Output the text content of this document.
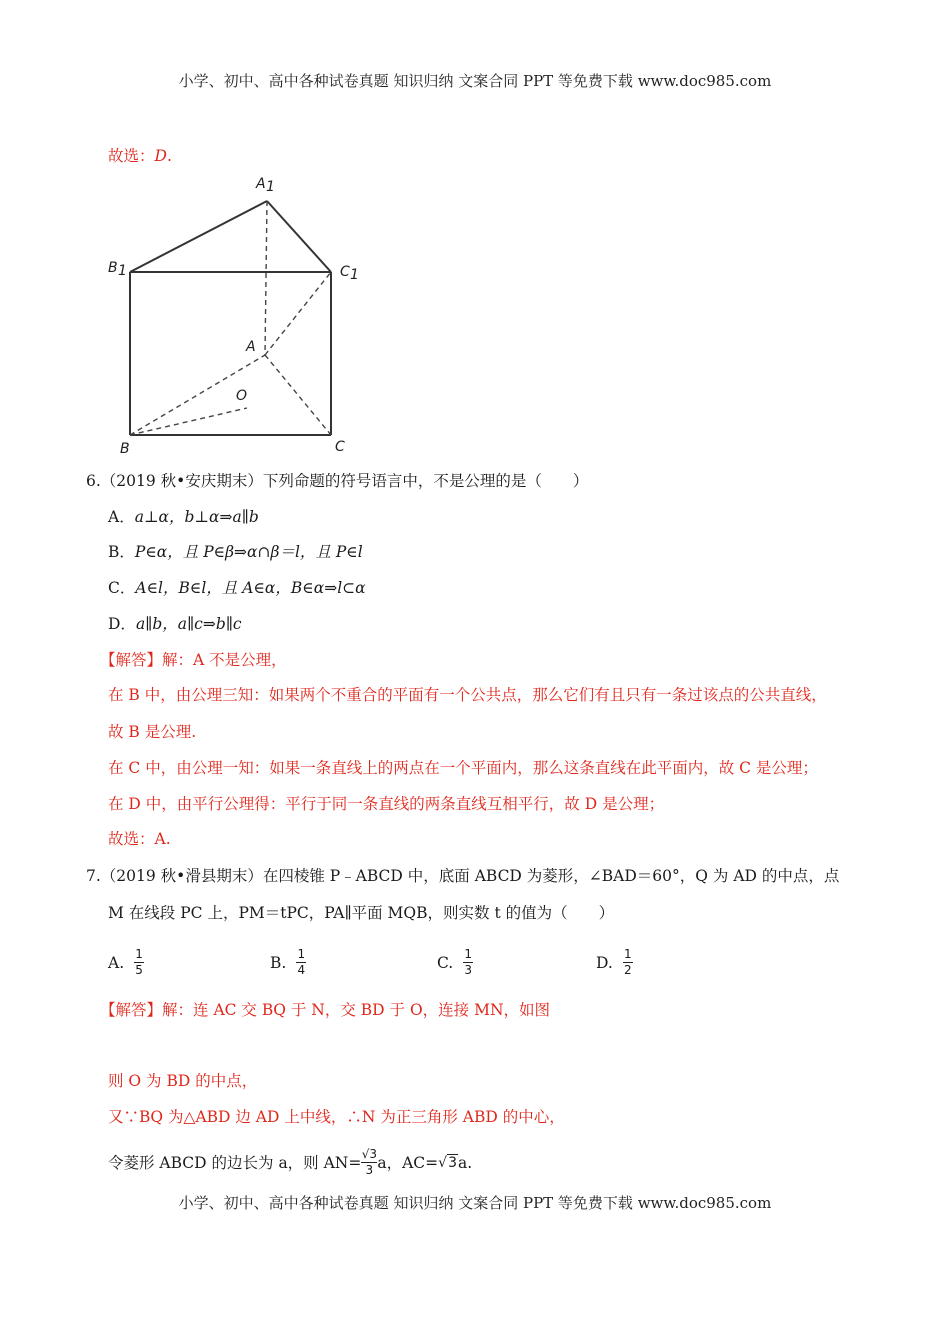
小学、初中、高中各种试卷真题 知识归纳 文案合同 PPT 等免费下载 www.doc985.com
故选：D.
A 1
B 1	C 1
A
O
B	C
6.（2019 秋•安庆期末）下列命题的符号语言中，不是公理的是（　　）
A．a⊥α，b⊥α⇒a∥b
B．P∈α，且 P∈β⇒α∩β＝l，且 P∈l
C．A∈l，B∈l，且 A∈α，B∈α⇒l⊂α
D．a∥b，a∥c⇒b∥c
【解答】解：A 不是公理，
在 B 中，由公理三知：如果两个不重合的平面有一个公共点，那么它们有且只有一条过该点的公共直线，
故 B 是公理.
在 C 中，由公理一知：如果一条直线上的两点在一个平面内，那么这条直线在此平面内，故 C 是公理；
在 D 中，由平行公理得：平行于同一条直线的两条直线互相平行，故 D 是公理；
故选：A.
7.（2019 秋•滑县期末）在四棱锥 P﹣ABCD 中，底面 ABCD 为菱形，∠BAD＝60°，Q 为 AD 的中点，点
M 在线段 PC 上，PM＝tPC，PA∥平面 MQB，则实数 t 的值为（　　）
A. $\frac{1}{5}$	B. $\frac{1}{4}$	C. $\frac{1}{3}$	D. $\frac{1}{2}$
【解答】解：连 AC 交 BQ 于 N，交 BD 于 O，连接 MN，如图
则 O 为 BD 的中点，
又∵BQ 为△ABD 边 AD 上中线，∴N 为正三角形 ABD 的中心，
令菱形 ABCD 的边长为 a，则 $AN= \frac{√3}{3}$ a，AC= √3 a.
小学、初中、高中各种试卷真题 知识归纳 文案合同 PPT 等免费下载 www.doc985.com
